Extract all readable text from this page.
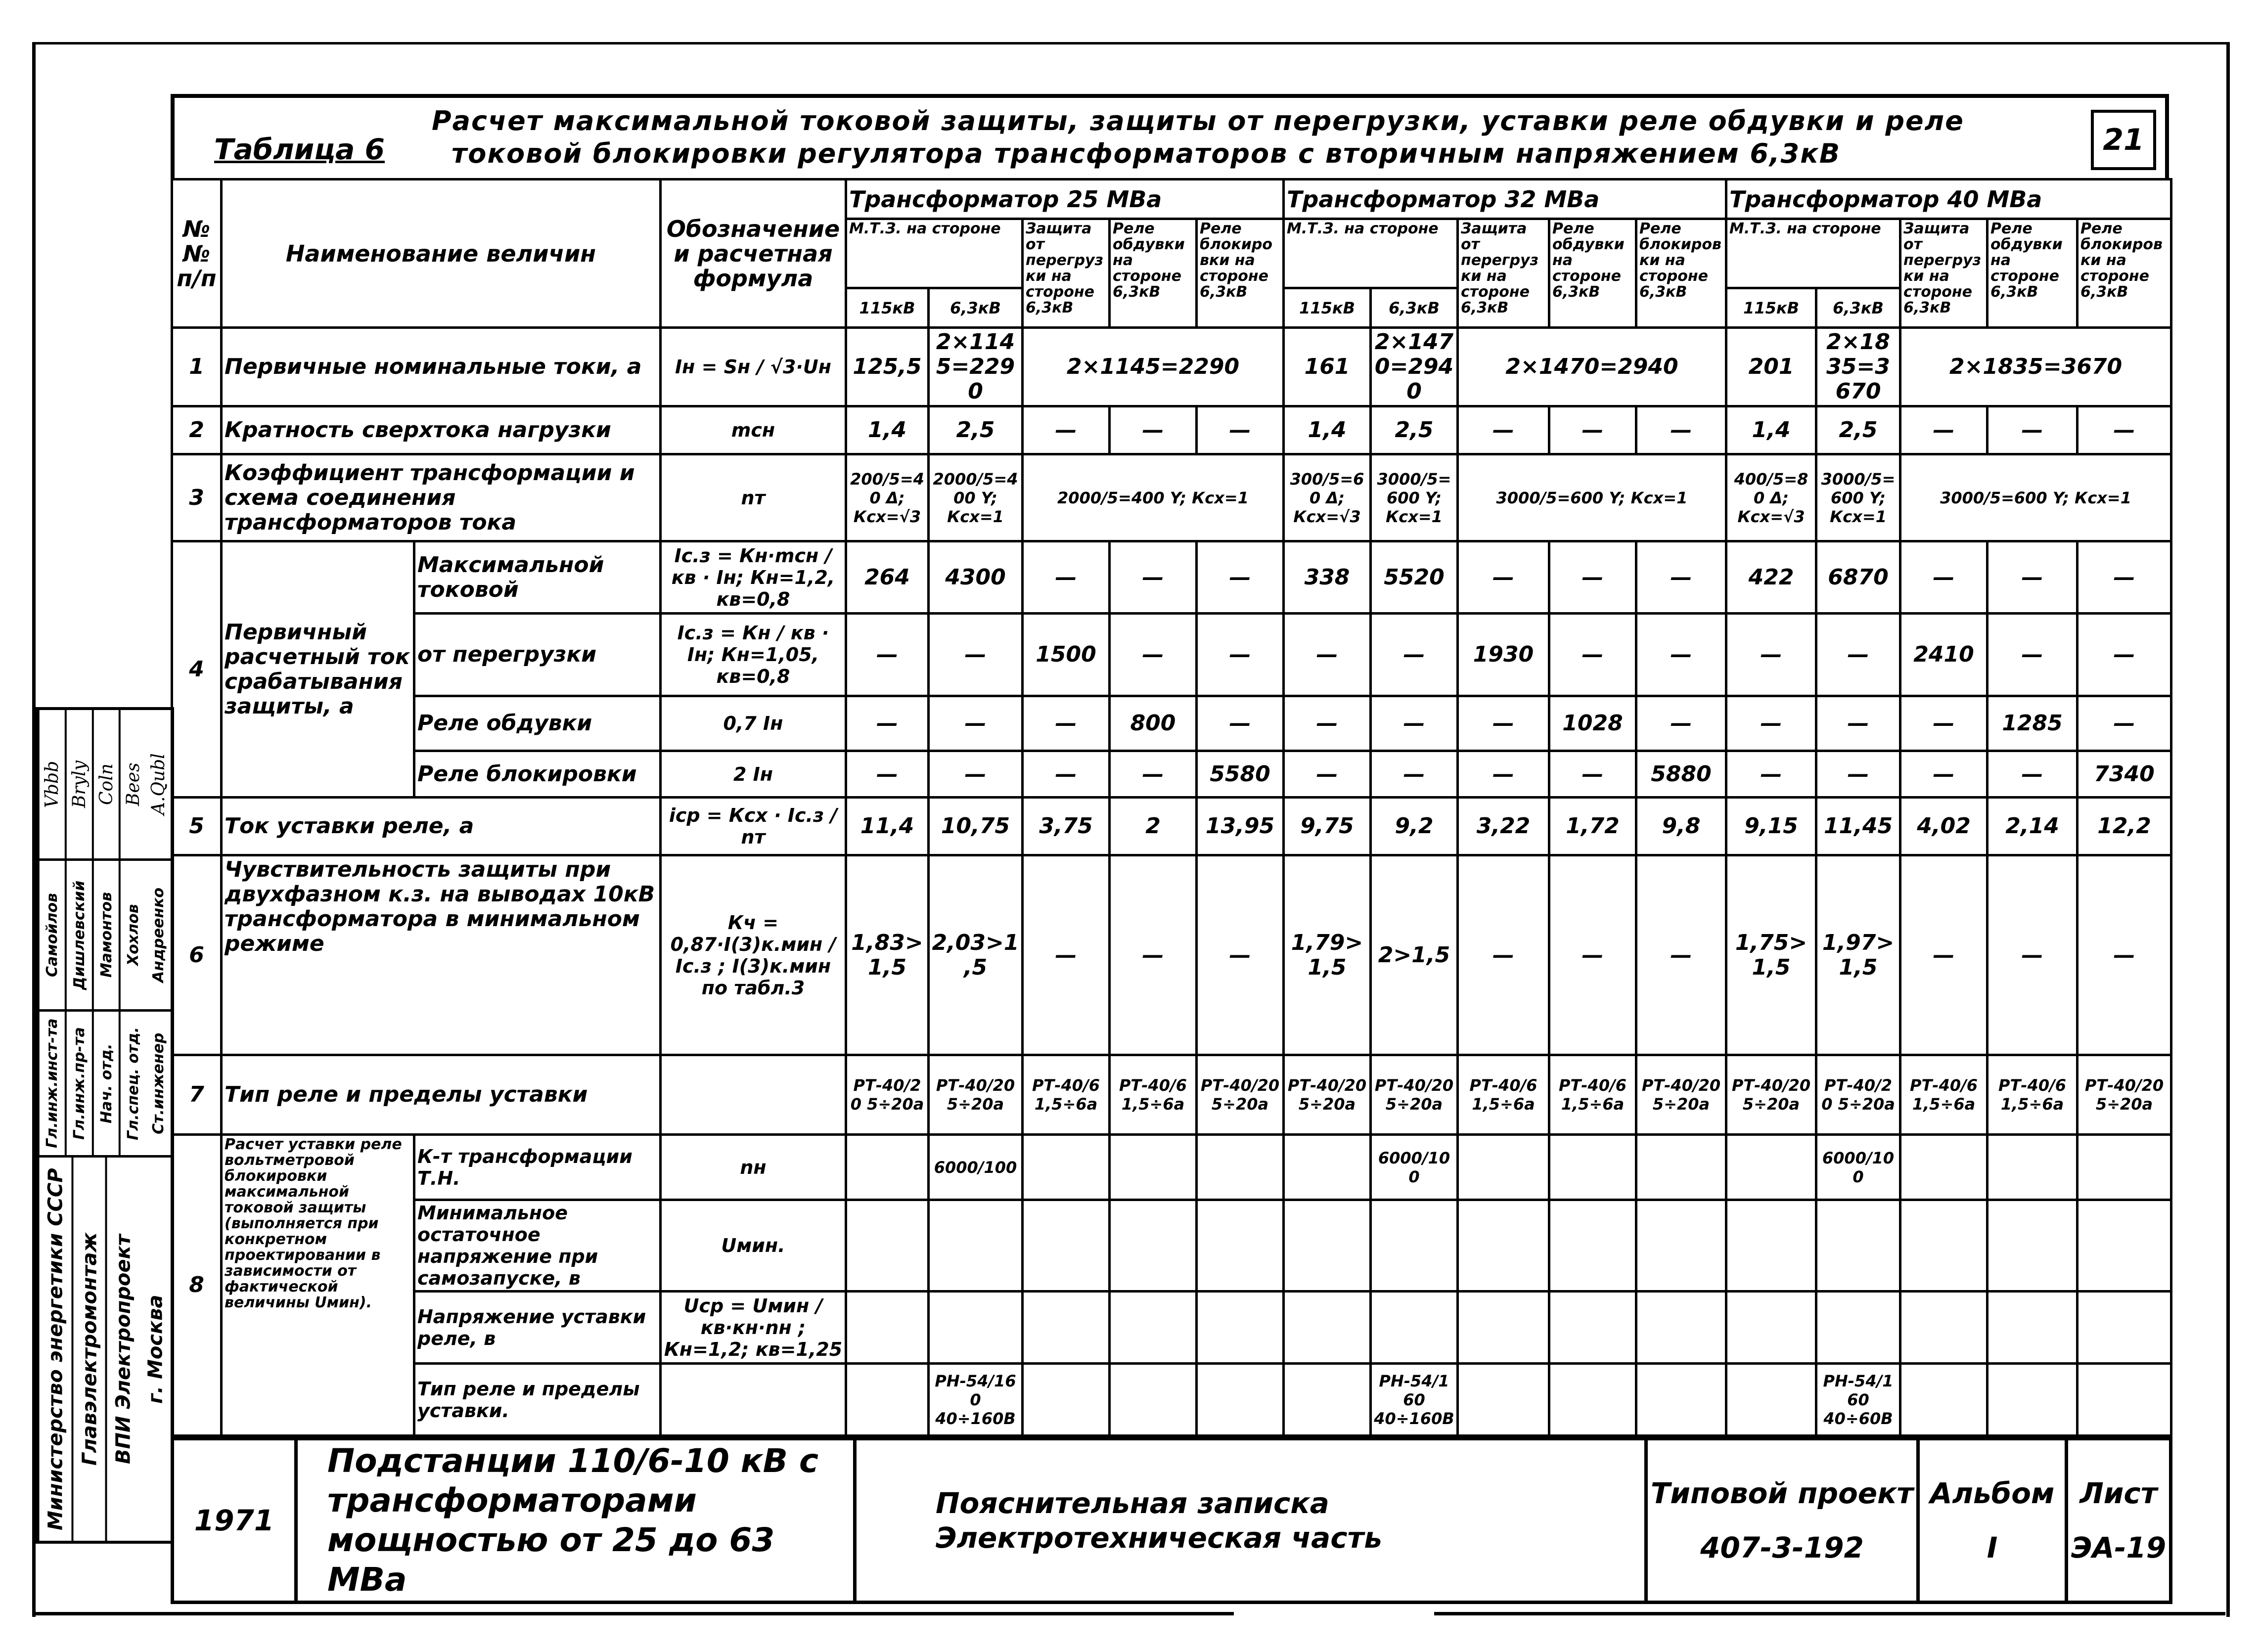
Vbbb Bryly Coln Bees A.Qubl
Самойлов Дишлевский Мамонтов Хохлов Андреенко
Гл.инж.инст-та Гл.инж.пр-та Нач. отд. Гл.спец. отд. Ст.инженер
Министерство энергетики СССР Главэлектромонтаж ВПИ Электропроект г. Москва
Таблица 6
Расчет максимальной токовой защиты, защиты от перегрузки, уставки реле обдувки и реле
токовой блокировки регулятора трансформаторов с вторичным напряжением 6,3кВ	21
№№ п/п	Наименование величин		Обозначение и расчетная формула	Трансформатор 25 МВа					Трансформатор 32 МВа					Трансформатор 40 МВа				
				М.Т.З. на стороне		Защита от перегрузки на стороне 6,3кВ	Реле обдувки на стороне 6,3кВ	Реле блокировки на стороне 6,3кВ	М.Т.З. на стороне		Защита от перегрузки на стороне 6,3кВ	Реле обдувки на стороне 6,3кВ	Реле блокировки на стороне 6,3кВ	М.Т.З. на стороне		Защита от перегрузки на стороне 6,3кВ	Реле обдувки на стороне 6,3кВ	Реле блокировки на стороне 6,3кВ
				115кВ	6,3кВ				115кВ	6,3кВ				115кВ	6,3кВ			
1	Первичные номинальные токи, а		Iн = Sн / √3·Uн	125,5	2×1145=2290	2×1145=2290			161	2×1470=2940	2×1470=2940			201	2×1835=3670	2×1835=3670		
2	Кратность сверхтока нагрузки		mсн	1,4	2,5	—	—	—	1,4	2,5	—	—	—	1,4	2,5	—	—	—
3	Коэффициент трансформации и схема соединения трансформаторов тока		nт	200/5=40 Δ; Ксх=√3	2000/5=400 Y; Ксх=1	2000/5=400 Y; Ксх=1			300/5=60 Δ; Ксх=√3	3000/5=600 Y; Ксх=1	3000/5=600 Y; Ксх=1			400/5=80 Δ; Ксх=√3	3000/5=600 Y; Ксх=1	3000/5=600 Y; Ксх=1		
4	Первичный расчетный ток срабатывания защиты, а	Максимальной токовой	Iс.з = Кн·mсн / кв · Iн; Кн=1,2, кв=0,8	264	4300	—	—	—	338	5520	—	—	—	422	6870	—	—	—
		от перегрузки	Iс.з = Кн / кв · Iн; Кн=1,05, кв=0,8	—	—	1500	—	—	—	—	1930	—	—	—	—	2410	—	—
		Реле обдувки	0,7 Iн	—	—	—	800	—	—	—	—	1028	—	—	—	—	1285	—
		Реле блокировки	2 Iн	—	—	—	—	5580	—	—	—	—	5880	—	—	—	—	7340
5	Ток уставки реле, а		iср = Ксх · Iс.з / nт	11,4	10,75	3,75	2	13,95	9,75	9,2	3,22	1,72	9,8	9,15	11,45	4,02	2,14	12,2
6	Чувствительность защиты при двухфазном к.з. на выводах 10кВ трансформатора в минимальном режиме		Кч = 0,87·I(3)к.мин / Iс.з ; I(3)к.мин по табл.3	1,83>1,5	2,03>1,5	—	—	—	1,79>1,5	2>1,5	—	—	—	1,75>1,5	1,97>1,5	—	—	—
7	Тип реле и пределы уставки			РТ-40/20 5÷20а	РТ-40/20 5÷20а	РТ-40/6 1,5÷6а	РТ-40/6 1,5÷6а	РТ-40/20 5÷20а	РТ-40/20 5÷20а	РТ-40/20 5÷20а	РТ-40/6 1,5÷6а	РТ-40/6 1,5÷6а	РТ-40/20 5÷20а	РТ-40/20 5÷20а	РТ-40/20 5÷20а	РТ-40/6 1,5÷6а	РТ-40/6 1,5÷6а	РТ-40/20 5÷20а
8	Расчет уставки реле вольтметровой блокировки максимальной токовой защиты (выполняется при конкретном проектировании в зависимости от фактической величины Uмин).	К-т трансформации Т.Н.	nн		6000/100					6000/100					6000/100			
		Минимальное остаточное напряжение при самозапуске, в	Uмин.															
		Напряжение уставки реле, в	Uср = Uмин / кв·кн·nн ; Кн=1,2; кв=1,25															
		Тип реле и пределы уставки.			РН-54/160 40÷160В					РН-54/160 40÷160В					РН-54/160 40÷60В			
1971	Подстанции 110/6-10 кВ с трансформаторами мощностью от 25 до 63 МВа	Пояснительная записка Электротехническая часть	
Типовой проект
407-3-192

Альбом
I

Лист
ЭА-19
